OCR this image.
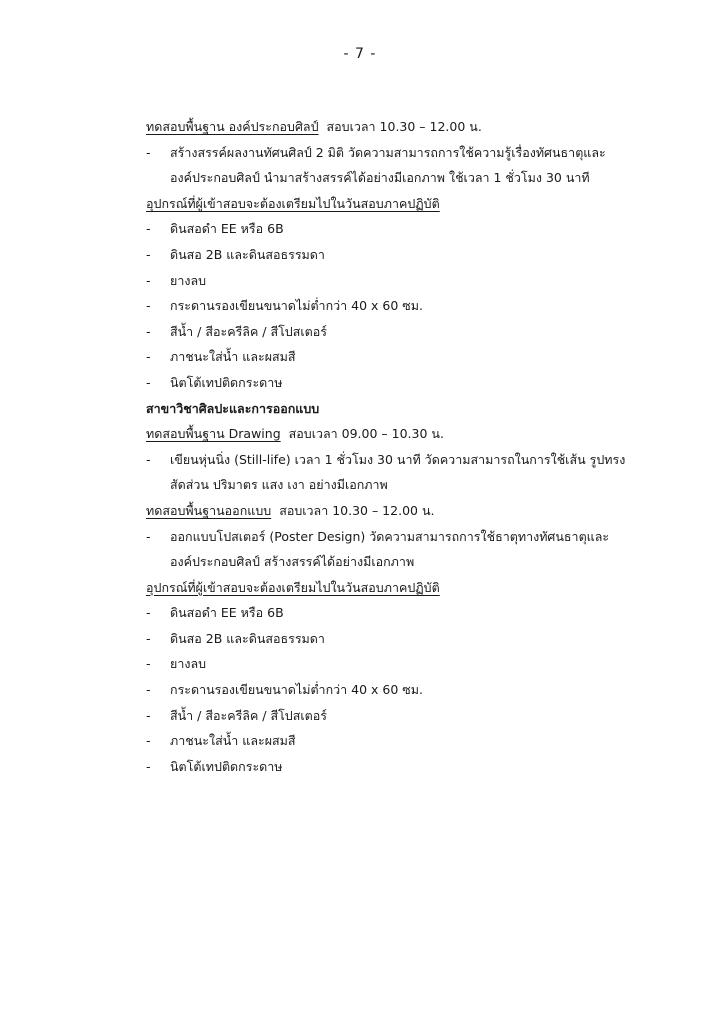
- 7 -
ทดสอบพื้นฐาน องค์ประกอบศิลป์ สอบเวลา 10.30 – 12.00 น.
-	สร้างสรรค์ผลงานทัศนศิลป์ 2 มิติ วัดความสามารถการใช้ความรู้เรื่องทัศนธาตุและ
องค์ประกอบศิลป์ นำมาสร้างสรรค์ได้อย่างมีเอกภาพ ใช้เวลา 1 ชั่วโมง 30 นาที
อุปกรณ์ที่ผู้เข้าสอบจะต้องเตรียมไปในวันสอบภาคปฏิบัติ
-	ดินสอดำ EE หรือ 6B
-	ดินสอ 2B และดินสอธรรมดา
-	ยางลบ
-	กระดานรองเขียนขนาดไม่ต่ำกว่า 40 x 60 ซม.
-	สีน้ำ / สีอะครีลิค / สีโปสเตอร์
-	ภาชนะใส่น้ำ และผสมสี
-	นิตโต้เทปติดกระดาษ
สาขาวิชาศิลปะและการออกแบบ
ทดสอบพื้นฐาน Drawing สอบเวลา 09.00 – 10.30 น.
-	เขียนหุ่นนิ่ง (Still-life) เวลา 1 ชั่วโมง 30 นาที วัดความสามารถในการใช้เส้น รูปทรง
สัดส่วน ปริมาตร แสง เงา อย่างมีเอกภาพ
ทดสอบพื้นฐานออกแบบ สอบเวลา 10.30 – 12.00 น.
-	ออกแบบโปสเตอร์ (Poster Design) วัดความสามารถการใช้ธาตุทางทัศนธาตุและ
องค์ประกอบศิลป์ สร้างสรรค์ได้อย่างมีเอกภาพ
อุปกรณ์ที่ผู้เข้าสอบจะต้องเตรียมไปในวันสอบภาคปฏิบัติ
-	ดินสอดำ EE หรือ 6B
-	ดินสอ 2B และดินสอธรรมดา
-	ยางลบ
-	กระดานรองเขียนขนาดไม่ต่ำกว่า 40 x 60 ซม.
-	สีน้ำ / สีอะครีลิค / สีโปสเตอร์
-	ภาชนะใส่น้ำ และผสมสี
-	นิตโต้เทปติดกระดาษ
